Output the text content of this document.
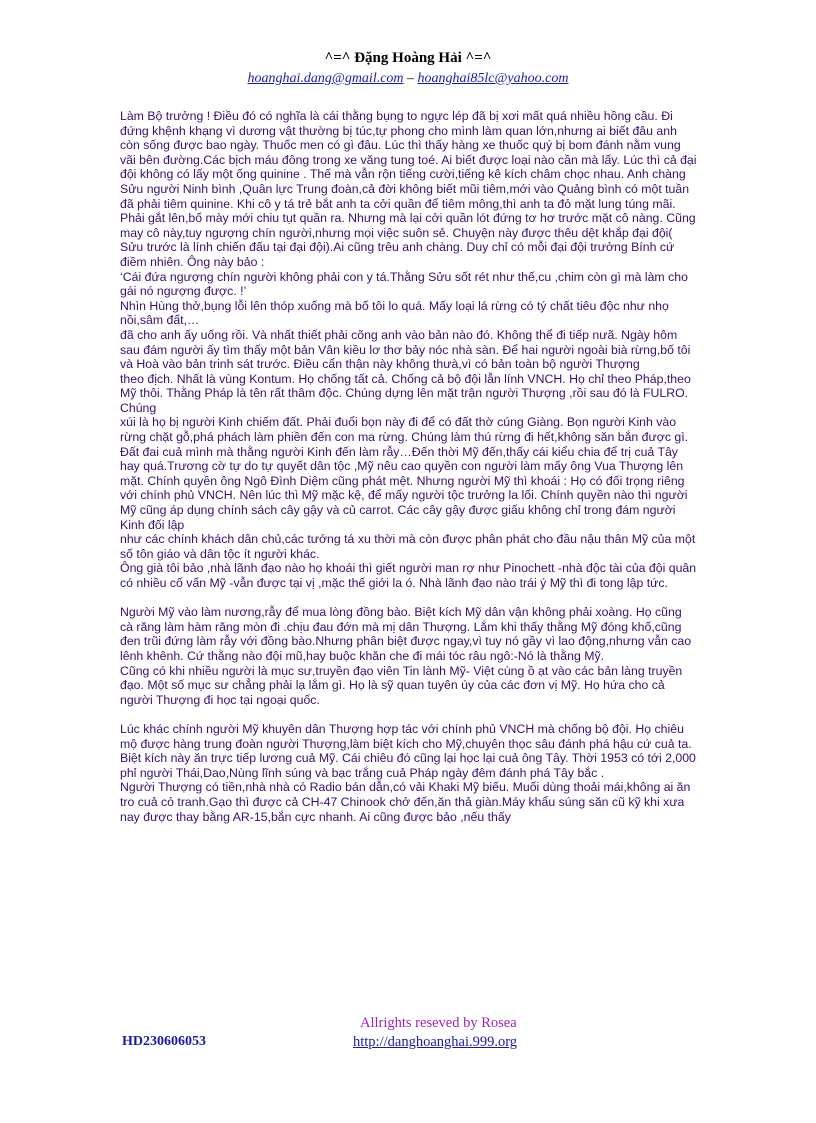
^=^ Đặng Hoàng Hải ^=^
hoanghai.dang@gmail.com – hoanghai85lc@yahoo.com

Làm Bộ trưởng ! Điều đó có nghĩa là cái thằng bụng to ngực lép đã bị xơi mất quá nhiều hồng cầu. Đi đứng khệnh khạng vì dương vật thường bị túc,tự phong cho mình làm quan lớn,nhưng ai biết đâu anh còn sống được bao ngày. Thuốc men có gì đâu. Lúc thì thấy hàng xe thuốc quý bị bom đánh nằm vung vãi bên đường.Các bịch máu đông trong xe văng tung toé. Ai biết được loại nào cần mà lấy. Lúc thì cả đại đội không có lấy một ống quinine . Thế mà vẫn rộn tiếng cười,tiếng kê kích châm chọc nhau. Anh chàng Sửu người Ninh bình ,Quân lực Trung đoàn,cả đời không biết mũi tiêm,mới vào Quảng bình có một tuần đã phải tiêm quinine. Khi cô y tá trẻ bắt anh ta cởi quần để tiêm mông,thì anh ta đỏ mặt lung túng mãi. Phải gắt lên,bố mày mới chiu tụt quần ra. Nhưng mà lại cởi quần lót đứng tơ hơ trước mặt cô nàng. Cũng may cô này,tuy ngượng chín người,nhưng mọi việc suôn sẻ. Chuyện này được thêu dệt khắp đại đội( Sửu trước là lính chiến đấu tại đại đội).Ai cũng trêu anh chàng. Duy chỉ có mỗi đại đội trưởng Bính cứ điềm nhiên. Ông này bảo :

‘Cái đứa ngượng chín người không phải con y tá.Thằng Sửu sốt rét như thế,cu ,chim còn gì mà làm cho gái nó ngượng được. !’

Nhìn Hùng thở,bụng lỗi lên thóp xuống mà bố tôi lo quá. Mấy loại lá rừng có tý chất tiêu độc như nhọ nồi,sâm đất,…

đã cho anh ấy uống rồi. Và nhất thiết phải cõng anh vào bản nào đó. Không thể đi tiếp nưã. Ngày hôm sau đám người ấy tìm thấy một bản Vân kiều lơ thơ bảy nóc nhà sàn. Để hai người ngoài bià rừng,bố tôi và Hoà vào bản trinh sát trước. Điều cẩn thận này không thưà,vì có bản toàn bộ người Thượng

theo địch. Nhất là vùng Kontum. Họ chống tất cả. Chống cả bộ đội lẫn lính VNCH. Họ chỉ theo Pháp,theo Mỹ thôi. Thằng Pháp là tên rất thâm độc. Chúng dựng lên mặt trận người Thượng ,rồi sau đó là FULRO. Chúng

xúi là họ bị người Kinh chiếm đất. Phải đuổi bọn này đi để có đất thờ cúng Giàng. Bọn người Kinh vào rừng chặt gỗ,phá phách làm phiền đến con ma rừng. Chúng làm thú rừng đi hết,không săn bắn được gì. Đất đai cuả mình mà thằng người Kinh đến làm rẫy…Đến thời Mỹ đến,thấy cái kiểu chia để trị cuả Tây hay quá.Trương cờ tự do tự quyết dân tộc ,Mỹ nêu cao quyền con người làm mấy ông Vua Thượng lên mặt. Chính quyền ông Ngô Đình Diệm cũng phát mệt. Nhưng người Mỹ thì khoái : Họ có đối trọng riêng với chính phủ VNCH. Nên lúc thì Mỹ mặc kệ, để mấy người tộc trưởng la lối. Chính quyền nào thì người Mỹ cũng áp dụng chính sách cây gậy và củ carrot. Các cây gậy được giấu không chỉ trong đám người Kinh đối lập

như các chính khách dân chủ,các tướng tá xu thời mà còn được phân phát cho đầu nậu thân Mỹ của một số tôn giáo và dân tộc ít người khác.

Ông già tôi bảo ,nhà lãnh đạo nào họ khoái thì giết người man rợ như Pinochett -nhà độc tài của đội quân có nhiều cố vấn Mỹ -vẫn được tại vị ,mặc thế giới la ó. Nhà lãnh đạo nào trái ý Mỹ thì đi tong lập tức.

Người Mỹ vào làm nương,rẫy để mua lòng đồng bào. Biệt kích Mỹ dân vận không phải xoàng. Họ cũng cà răng làm hàm răng mòn đi .chịu đau đớn mà mị dân Thượng. Lắm khi thấy thằng Mỹ đóng khố,cũng đen trũi đứng làm rẫy với đồng bào.Nhưng phân biệt được ngay,vì tuy nó gầy vì lao động,nhưng vẫn cao lênh khênh. Cứ thằng nào đội mũ,hay buộc khăn che đi mái tóc râu ngô:-Nó là thằng Mỹ.

Cũng có khi nhiều người là mục sư,truyền đạo viên Tin lành Mỹ- Việt cùng ồ ạt vào các bản làng truyền đạo. Một số mục sư chẳng phải lạ lắm gì. Họ là sỹ quan tuyên úy của các đơn vị Mỹ. Họ hứa cho cả người Thượng đi học tại ngoại quốc.

Lúc khác chính người Mỹ khuyên dân Thượng hợp tác với chính phủ VNCH mà chống bộ đội. Họ chiêu mộ được hàng trung đoàn người Thượng,làm biệt kích cho Mỹ,chuyên thọc sâu đánh phá hậu cứ cuả ta. Biệt kích này ăn trực tiếp lương cuả Mỹ. Cái chiêu đó cũng lại học lại cuả ông Tây. Thời 1953 có tới 2,000 phỉ người Thái,Dao,Nùng lĩnh súng và bạc trắng cuả Pháp ngày đêm đánh phá Tây bắc .

Người Thượng có tiền,nhà nhà có Radio bán dẫn,có vải Khaki Mỹ biếu. Muối dùng thoải mái,không ai ăn tro cuả cỏ tranh.Gạo thì được cả CH-47 Chinook chở đến,ăn thả giàn.Máy khẩu súng săn cũ kỹ khi xưa nay được thay bằng AR-15,bắn cực nhanh. Ai cũng được bảo ,nếu thấy

Allrights reseved by Rosea
HD230606053	http://danghoanghai.999.org
